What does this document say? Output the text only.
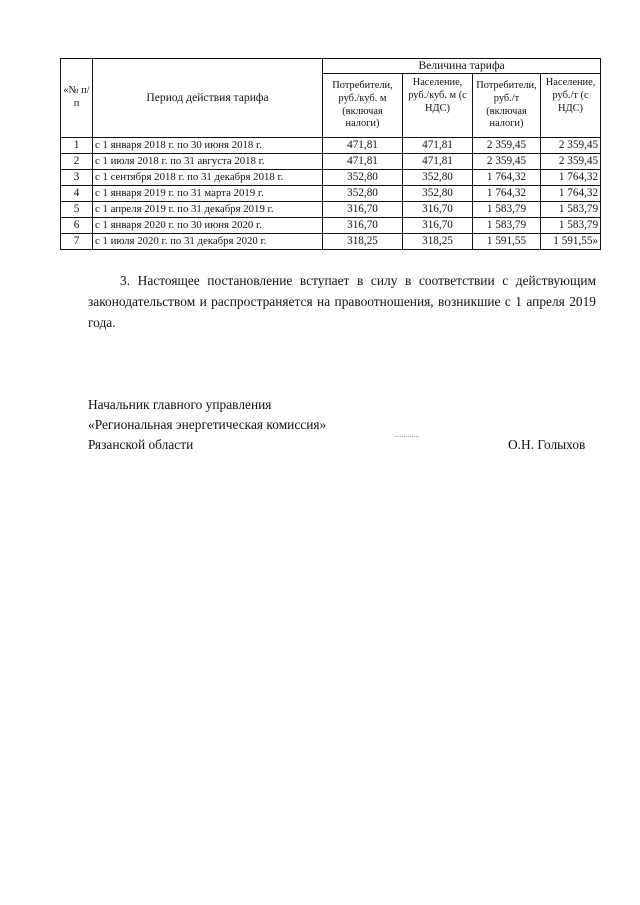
«№ п/п	Период действия тарифа	Величина тарифа			
		Потребители, руб./куб. м (включая налоги)	Население, руб./куб. м (с НДС)	Потребители, руб./т (включая налоги)	Население, руб./т (с НДС)
1	с 1 января 2018 г. по 30 июня 2018 г.	471,81	471,81	2 359,45	2 359,45
2	с 1 июля 2018 г. по 31 августа 2018 г.	471,81	471,81	2 359,45	2 359,45
3	с 1 сентября 2018 г. по 31 декабря 2018 г.	352,80	352,80	1 764,32	1 764,32
4	с 1 января 2019 г. по 31 марта 2019 г.	352,80	352,80	1 764,32	1 764,32
5	с 1 апреля 2019 г. по 31 декабря 2019 г.	316,70	316,70	1 583,79	1 583,79
6	с 1 января 2020 г. по 30 июня 2020 г.	316,70	316,70	1 583,79	1 583,79
7	с 1 июля 2020 г. по 31 декабря 2020 г.	318,25	318,25	1 591,55	1 591,55»

3. Настоящее постановление вступает в силу в соответствии с действующим законодательством и распространяется на правоотношения, возникшие с 1 апреля 2019 года.

Начальник главного управления
«Региональная энергетическая комиссия»
Рязанской области	О.Н. Голыхов
